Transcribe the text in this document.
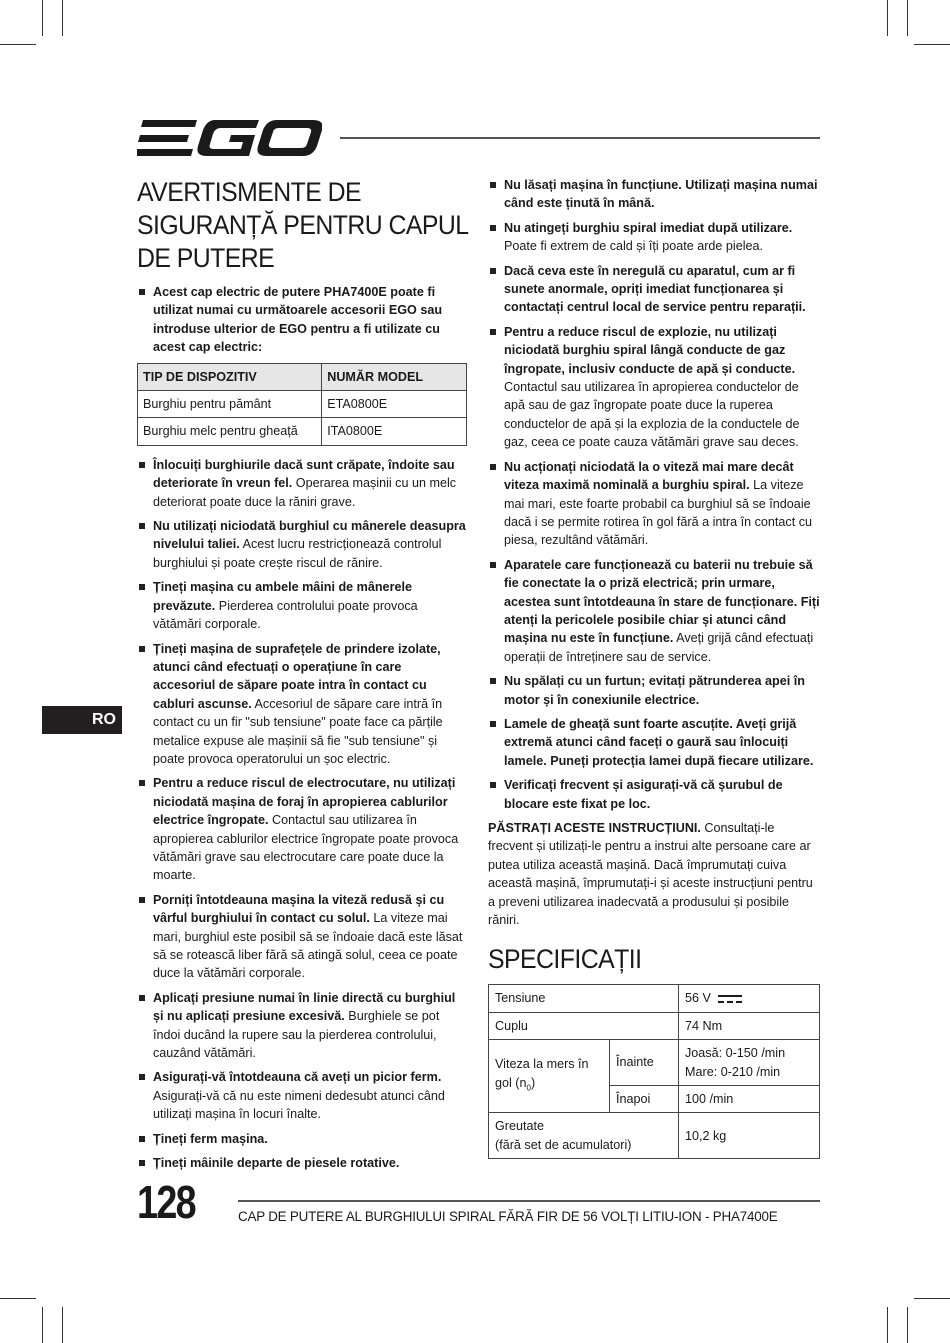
AVERTISMENTE DE SIGURANȚĂ PENTRU CAPUL DE PUTERE
Acest cap electric de putere PHA7400E poate fi utilizat numai cu următoarele accesorii EGO sau introduse ulterior de EGO pentru a fi utilizate cu acest cap electric:
TIP DE DISPOZITIV	NUMĂR MODEL
Burghiu pentru pământ	ETA0800E
Burghiu melc pentru gheață	ITA0800E
Înlocuiți burghiurile dacă sunt crăpate, îndoite sau deteriorate în vreun fel. Operarea mașinii cu un melc deteriorat poate duce la răniri grave.
Nu utilizați niciodată burghiul cu mânerele deasupra nivelului taliei. Acest lucru restricționează controlul burghiului și poate crește riscul de rănire.
Țineți mașina cu ambele mâini de mânerele prevăzute. Pierderea controlului poate provoca vătămări corporale.
Țineți mașina de suprafețele de prindere izolate, atunci când efectuați o operațiune în care accesoriul de săpare poate intra în contact cu cabluri ascunse. Accesoriul de săpare care intră în contact cu un fir "sub tensiune" poate face ca părțile metalice expuse ale mașinii să fie "sub tensiune" și poate provoca operatorului un șoc electric.
Pentru a reduce riscul de electrocutare, nu utilizați niciodată mașina de foraj în apropierea cablurilor electrice îngropate. Contactul sau utilizarea în apropierea cablurilor electrice îngropate poate provoca vătămări grave sau electrocutare care poate duce la moarte.
Porniți întotdeauna mașina la viteză redusă și cu vârful burghiului în contact cu solul. La viteze mai mari, burghiul este posibil să se îndoaie dacă este lăsat să se rotească liber fără să atingă solul, ceea ce poate duce la vătămări corporale.
Aplicați presiune numai în linie directă cu burghiul și nu aplicați presiune excesivă. Burghiele se pot îndoi ducând la rupere sau la pierderea controlului, cauzând vătămări.
Asigurați-vă întotdeauna că aveți un picior ferm. Asigurați-vă că nu este nimeni dedesubt atunci când utilizați mașina în locuri înalte.
Țineți ferm mașina.
Țineți mâinile departe de piesele rotative.
Nu lăsați mașina în funcțiune. Utilizați mașina numai când este ținută în mână.
Nu atingeți burghiu spiral imediat după utilizare. Poate fi extrem de cald și îți poate arde pielea.
Dacă ceva este în neregulă cu aparatul, cum ar fi sunete anormale, opriți imediat funcționarea și contactați centrul local de service pentru reparații.
Pentru a reduce riscul de explozie, nu utilizați niciodată burghiu spiral lângă conducte de gaz îngropate, inclusiv conducte de apă și conducte. Contactul sau utilizarea în apropierea conductelor de apă sau de gaz îngropate poate duce la ruperea conductelor de apă și la explozia de la conductele de gaz, ceea ce poate cauza vătămări grave sau deces.
Nu acționați niciodată la o viteză mai mare decât viteza maximă nominală a burghiu spiral. La viteze mai mari, este foarte probabil ca burghiul să se îndoaie dacă i se permite rotirea în gol fără a intra în contact cu piesa, rezultând vătămări.
Aparatele care funcționează cu baterii nu trebuie să fie conectate la o priză electrică; prin urmare, acestea sunt întotdeauna în stare de funcționare. Fiți atenți la pericolele posibile chiar și atunci când mașina nu este în funcțiune. Aveți grijă când efectuați operații de întreținere sau de service.
Nu spălați cu un furtun; evitați pătrunderea apei în motor și în conexiunile electrice.
Lamele de gheață sunt foarte ascuțite. Aveți grijă extremă atunci când faceți o gaură sau înlocuiți lamele. Puneți protecția lamei după fiecare utilizare.
Verificați frecvent și asigurați-vă că șurubul de blocare este fixat pe loc.

PĂSTRAȚI ACESTE INSTRUCȚIUNI. Consultați-le frecvent și utilizați-le pentru a instrui alte persoane care ar putea utiliza această mașină. Dacă împrumutați cuiva această mașină, împrumutați-i și aceste instrucțiuni pentru a preveni utilizarea inadecvată a produsului și posibile răniri.

SPECIFICAȚII
Tensiune		56 V
Cuplu		74 Nm
Viteza la mers în gol $(n_0)$	Înainte	Joasă: 0-150 /min
Mare: 0-210 /min

	Înapoi	100 /min

Greutate
(fără set de acumulatori)		10,2 kg
RO
128	CAP DE PUTERE AL BURGHIULUI SPIRAL FĂRĂ FIR DE 56 VOLȚI LITIU-ION - PHA7400E
